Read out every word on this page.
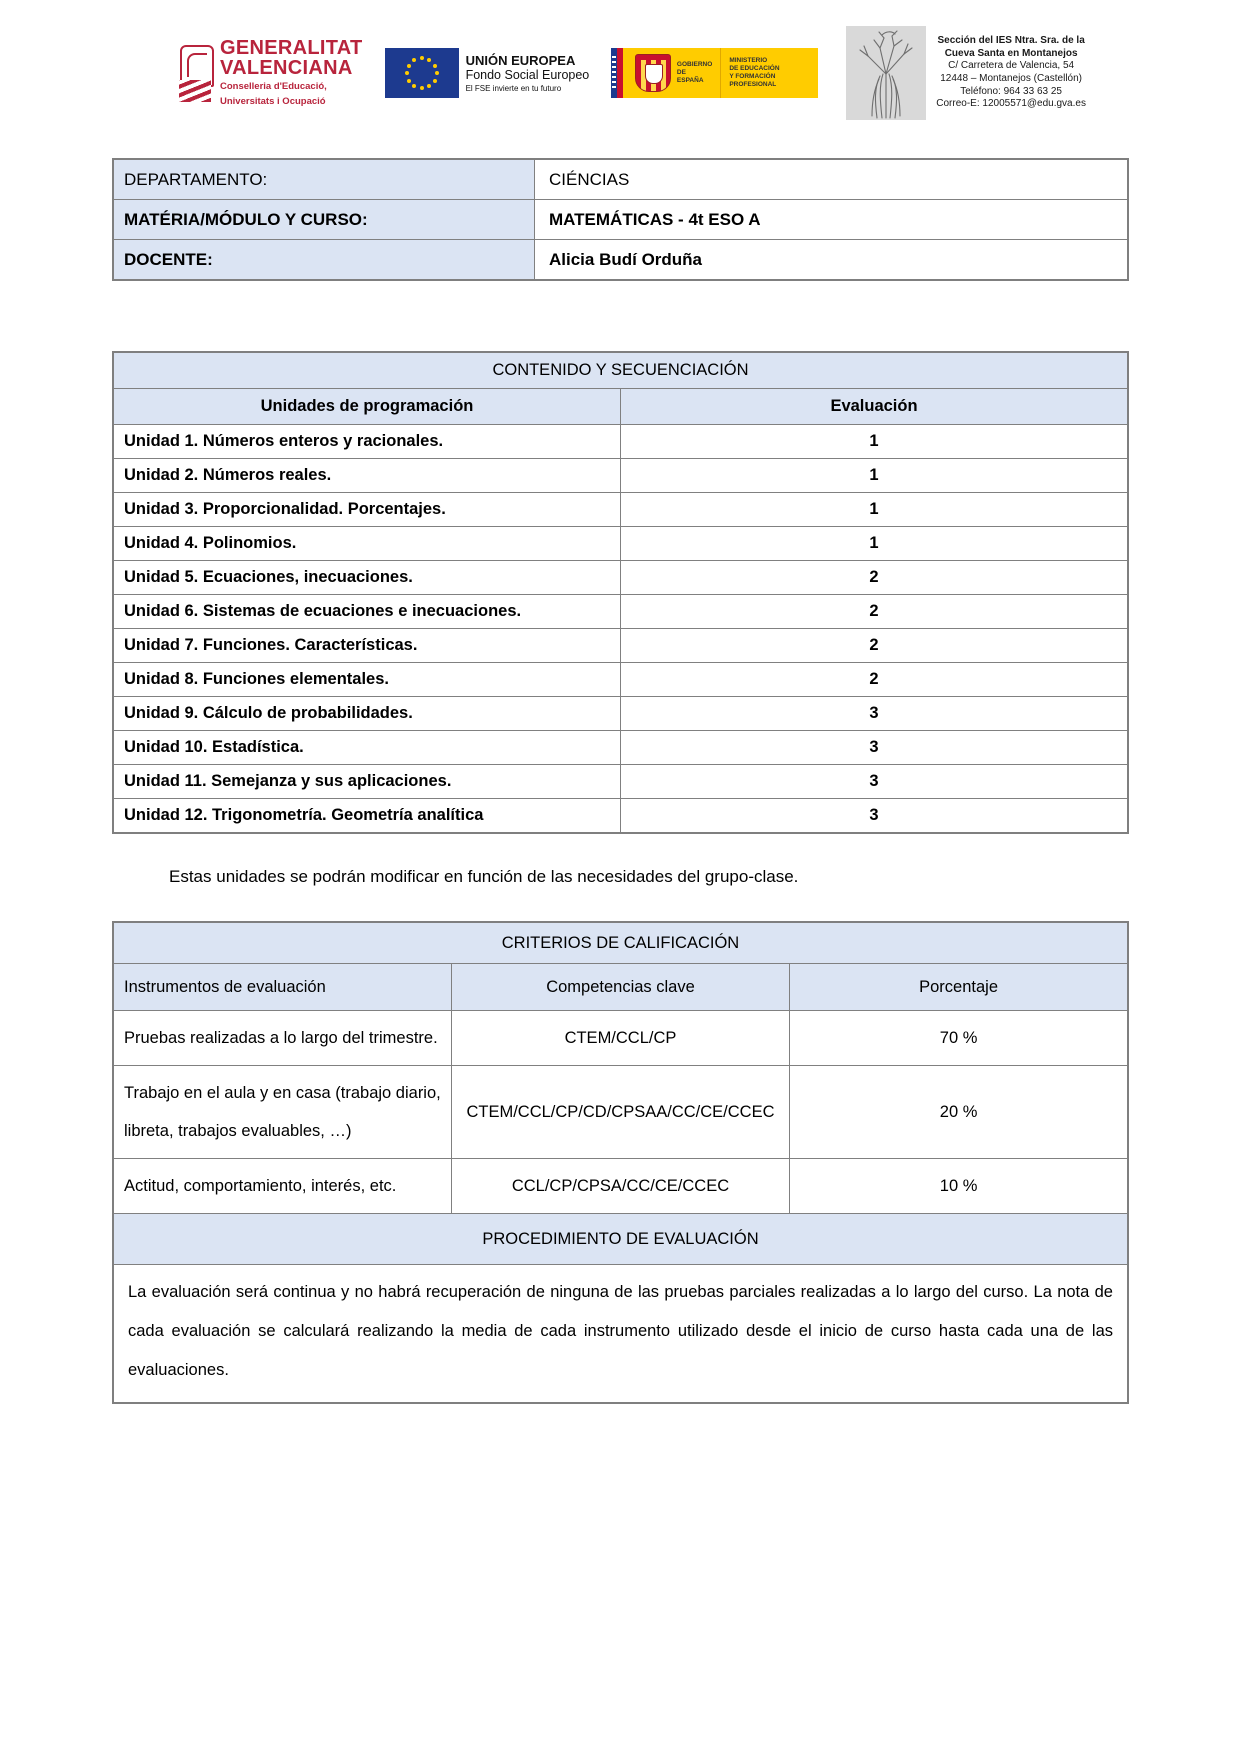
GENERALITAT
VALENCIANA
Conselleria d'Educació,
Universitats i Ocupació
UNIÓN EUROPEA
Fondo Social Europeo
El FSE invierte en tu futuro
GOBIERNO
DE ESPAÑA
MINISTERIO
DE EDUCACIÓN
Y FORMACIÓN PROFESIONAL
Sección del IES Ntra. Sra. de la
Cueva Santa en Montanejos
C/ Carretera de Valencia, 54
12448 – Montanejos (Castellón)
Teléfono: 964 33 63 25
Correo-E: 12005571@edu.gva.es
DEPARTAMENTO:	CIÉNCIAS
MATÉRIA/MÓDULO Y CURSO:	MATEMÁTICAS - 4t ESO A
DOCENTE:	Alicia Budí Orduña
CONTENIDO Y SECUENCIACIÓN	
Unidades de programación	Evaluación
Unidad 1. Números enteros y racionales.	1
Unidad 2. Números reales.	1
Unidad 3. Proporcionalidad. Porcentajes.	1
Unidad 4. Polinomios.	1
Unidad 5. Ecuaciones, inecuaciones.	2
Unidad 6. Sistemas de ecuaciones e inecuaciones.	2
Unidad 7. Funciones. Características.	2
Unidad 8. Funciones elementales.	2
Unidad 9. Cálculo de probabilidades.	3
Unidad 10. Estadística.	3
Unidad 11. Semejanza y sus aplicaciones.	3
Unidad 12. Trigonometría. Geometría analítica	3
Estas unidades se podrán modificar en función de las necesidades del grupo-clase.
CRITERIOS DE CALIFICACIÓN		
Instrumentos de evaluación	Competencias clave	Porcentaje
Pruebas realizadas a lo largo del trimestre.	CTEM/CCL/CP	70 %
Trabajo en el aula y en casa (trabajo diario, libreta, trabajos evaluables, …)	CTEM/CCL/CP/CD/CPSAA/CC/CE/CCEC	20 %
Actitud, comportamiento, interés, etc.	CCL/CP/CPSA/CC/CE/CCEC	10 %
PROCEDIMIENTO DE EVALUACIÓN		
La evaluación será continua y no habrá recuperación de ninguna de las pruebas parciales realizadas a lo largo del curso. La nota de cada evaluación se calculará realizando la media de cada instrumento utilizado desde el inicio de curso hasta cada una de las evaluaciones.		
